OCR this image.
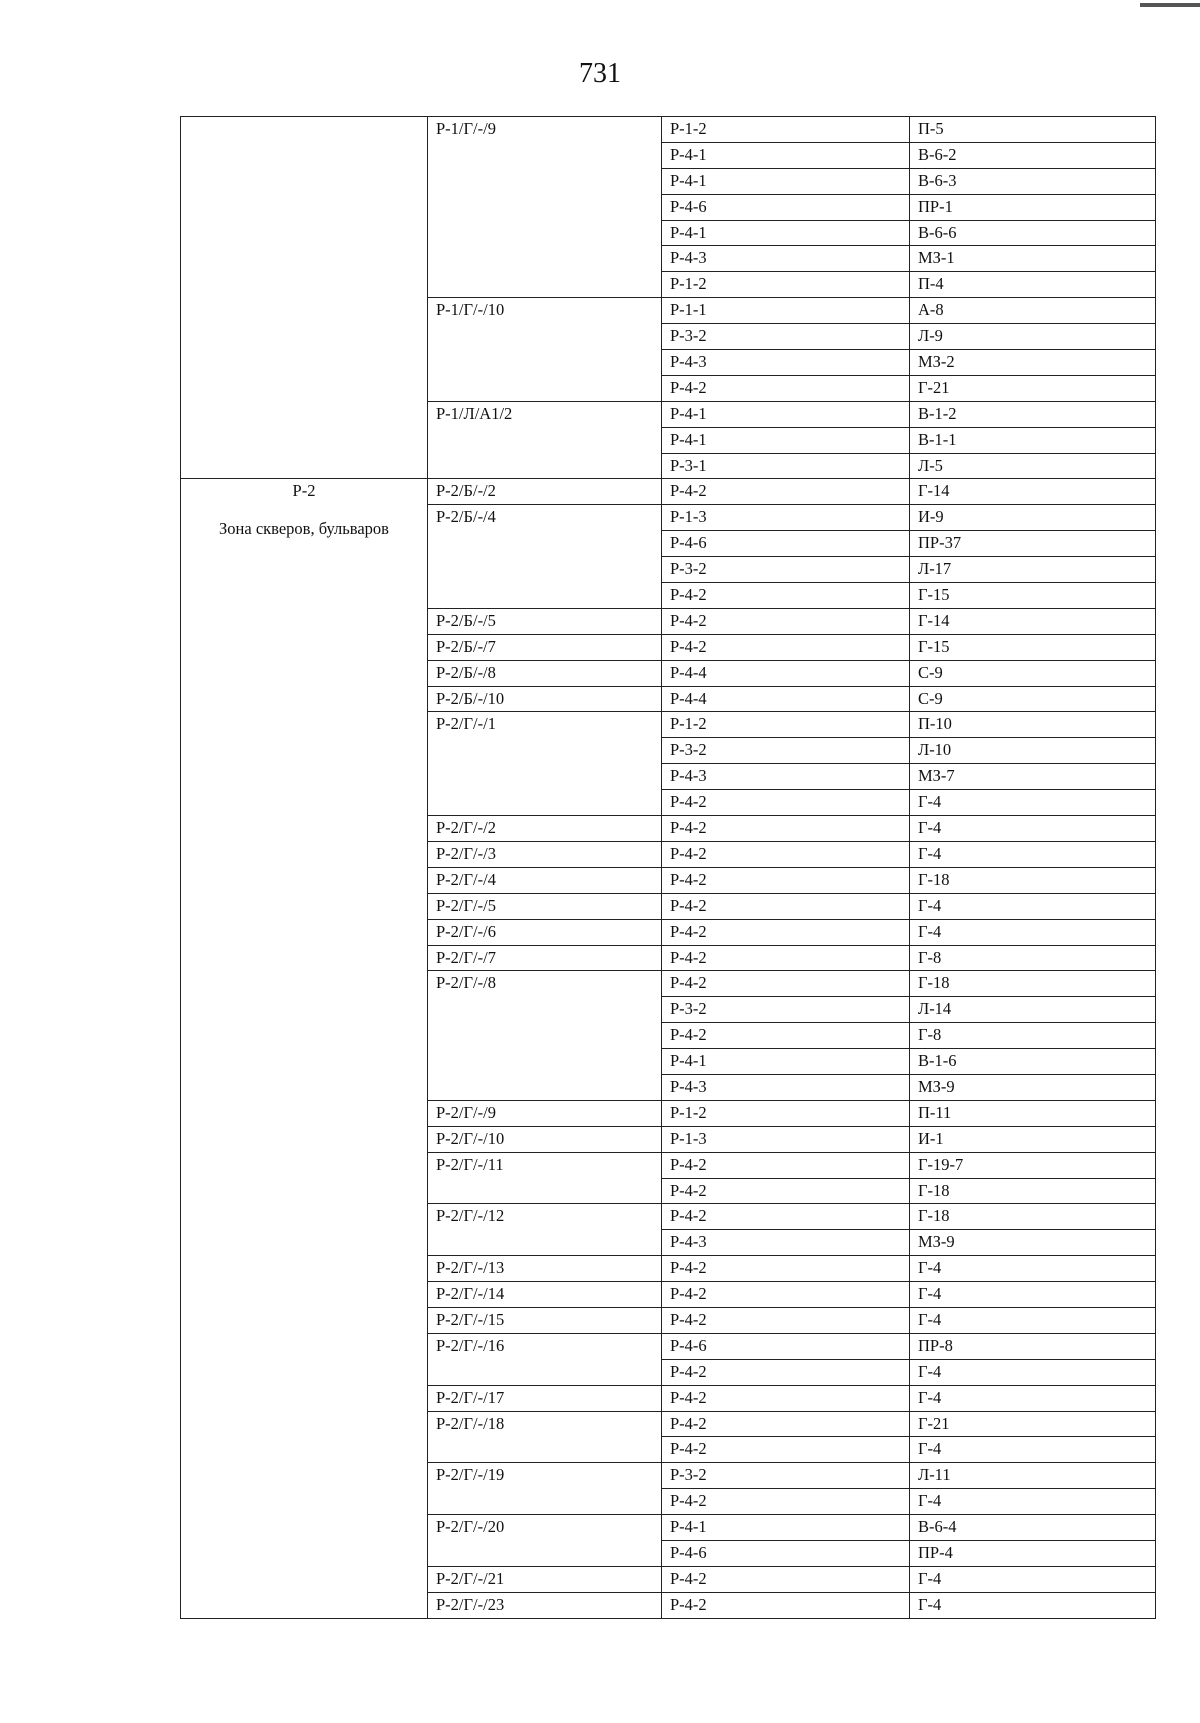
731
	Р-1/Г/-/9	Р-1-2	П-5
		Р-4-1	В-6-2
		Р-4-1	В-6-3
		Р-4-6	ПР-1
		Р-4-1	В-6-6
		Р-4-3	МЗ-1
		Р-1-2	П-4
	Р-1/Г/-/10	Р-1-1	А-8
		Р-3-2	Л-9
		Р-4-3	МЗ-2
		Р-4-2	Г-21
	Р-1/Л/А1/2	Р-4-1	В-1-2
		Р-4-1	В-1-1
		Р-3-1	Л-5

Р-2
Зона скверов, бульваров	Р-2/Б/-/2	Р-4-2	Г-14
	Р-2/Б/-/4	Р-1-3	И-9
		Р-4-6	ПР-37
		Р-3-2	Л-17
		Р-4-2	Г-15
	Р-2/Б/-/5	Р-4-2	Г-14
	Р-2/Б/-/7	Р-4-2	Г-15
	Р-2/Б/-/8	Р-4-4	С-9
	Р-2/Б/-/10	Р-4-4	С-9
	Р-2/Г/-/1	Р-1-2	П-10
		Р-3-2	Л-10
		Р-4-3	МЗ-7
		Р-4-2	Г-4
	Р-2/Г/-/2	Р-4-2	Г-4
	Р-2/Г/-/3	Р-4-2	Г-4
	Р-2/Г/-/4	Р-4-2	Г-18
	Р-2/Г/-/5	Р-4-2	Г-4
	Р-2/Г/-/6	Р-4-2	Г-4
	Р-2/Г/-/7	Р-4-2	Г-8
	Р-2/Г/-/8	Р-4-2	Г-18
		Р-3-2	Л-14
		Р-4-2	Г-8
		Р-4-1	В-1-6
		Р-4-3	МЗ-9
	Р-2/Г/-/9	Р-1-2	П-11
	Р-2/Г/-/10	Р-1-3	И-1
	Р-2/Г/-/11	Р-4-2	Г-19-7
		Р-4-2	Г-18
	Р-2/Г/-/12	Р-4-2	Г-18
		Р-4-3	МЗ-9
	Р-2/Г/-/13	Р-4-2	Г-4
	Р-2/Г/-/14	Р-4-2	Г-4
	Р-2/Г/-/15	Р-4-2	Г-4
	Р-2/Г/-/16	Р-4-6	ПР-8
		Р-4-2	Г-4
	Р-2/Г/-/17	Р-4-2	Г-4
	Р-2/Г/-/18	Р-4-2	Г-21
		Р-4-2	Г-4
	Р-2/Г/-/19	Р-3-2	Л-11
		Р-4-2	Г-4
	Р-2/Г/-/20	Р-4-1	В-6-4
		Р-4-6	ПР-4
	Р-2/Г/-/21	Р-4-2	Г-4
	Р-2/Г/-/23	Р-4-2	Г-4
